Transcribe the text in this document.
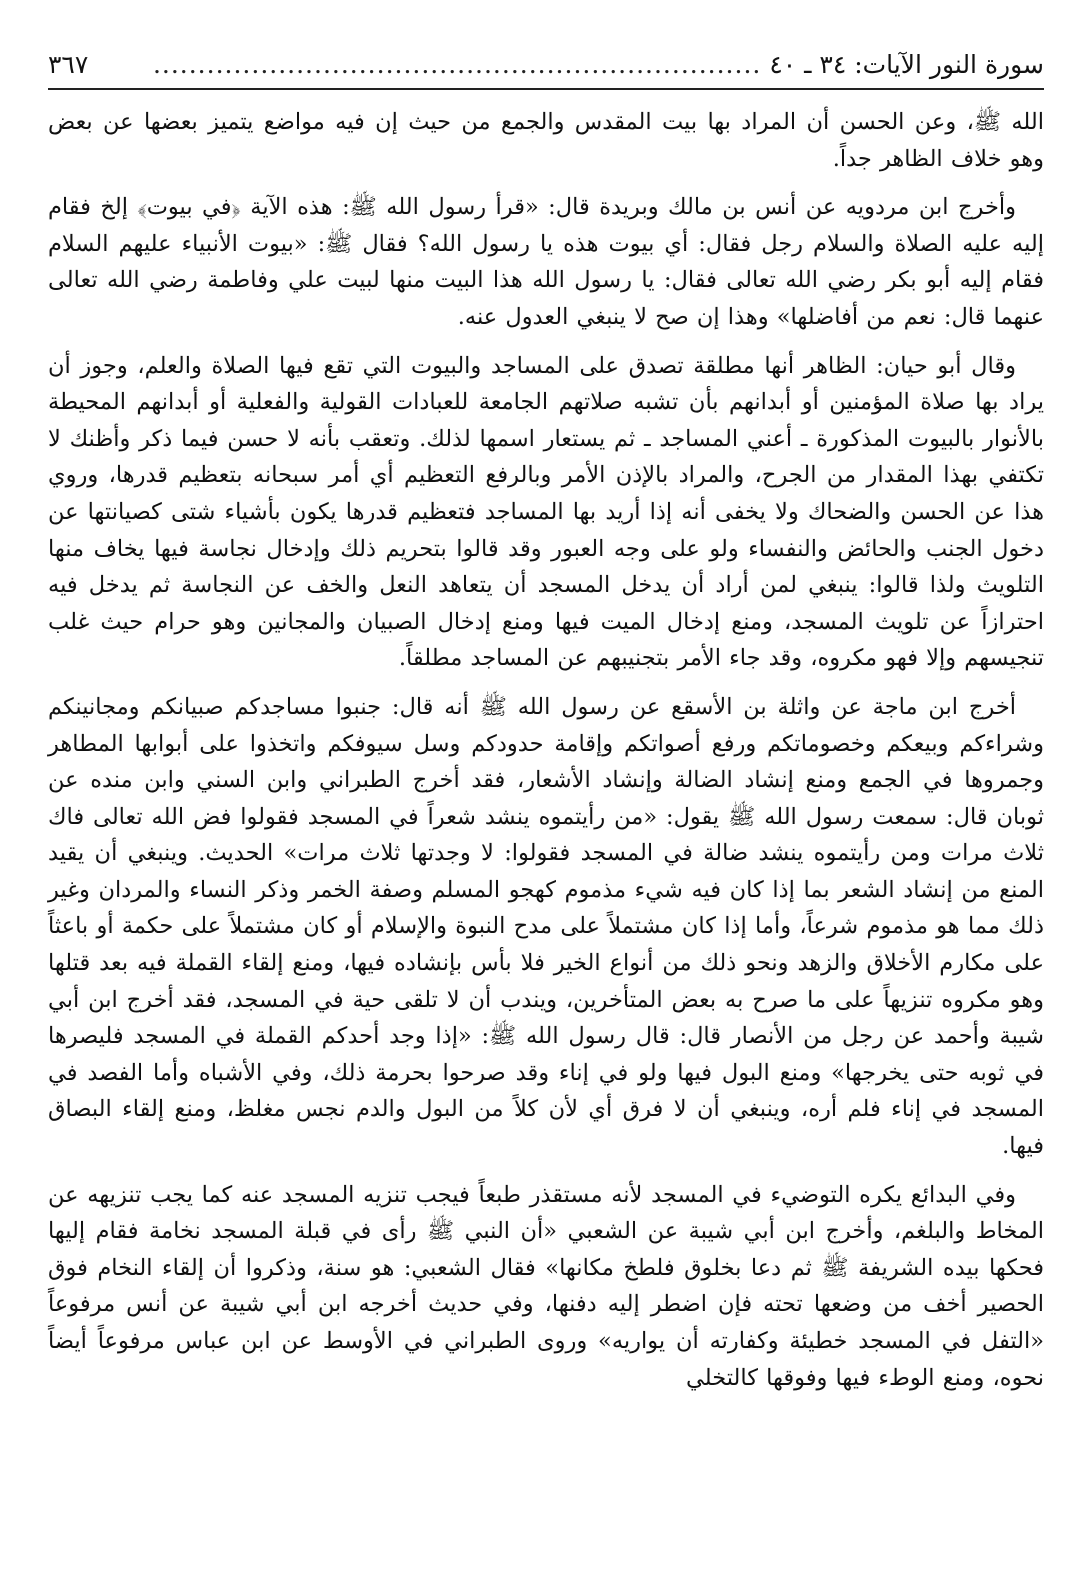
سورة النور الآيات: ٣٤ ـ ٤٠
....................................................................
٣٦٧

الله ﷺ، وعن الحسن أن المراد بها بيت المقدس والجمع من حيث إن فيه مواضع يتميز بعضها عن بعض وهو خلاف الظاهر جداً.

وأخرج ابن مردويه عن أنس بن مالك وبريدة قال: «قرأ رسول الله ﷺ: هذه الآية ﴿في بيوت﴾ إلخ فقام إليه عليه الصلاة والسلام رجل فقال: أي بيوت هذه يا رسول الله؟ فقال ﷺ: «بيوت الأنبياء عليهم السلام فقام إليه أبو بكر رضي الله تعالى فقال: يا رسول الله هذا البيت منها لبيت علي وفاطمة رضي الله تعالى عنهما قال: نعم من أفاضلها» وهذا إن صح لا ينبغي العدول عنه.

وقال أبو حيان: الظاهر أنها مطلقة تصدق على المساجد والبيوت التي تقع فيها الصلاة والعلم، وجوز أن يراد بها صلاة المؤمنين أو أبدانهم بأن تشبه صلاتهم الجامعة للعبادات القولية والفعلية أو أبدانهم المحيطة بالأنوار بالبيوت المذكورة ـ أعني المساجد ـ ثم يستعار اسمها لذلك. وتعقب بأنه لا حسن فيما ذكر وأظنك لا تكتفي بهذا المقدار من الجرح، والمراد بالإذن الأمر وبالرفع التعظيم أي أمر سبحانه بتعظيم قدرها، وروي هذا عن الحسن والضحاك ولا يخفى أنه إذا أريد بها المساجد فتعظيم قدرها يكون بأشياء شتى كصيانتها عن دخول الجنب والحائض والنفساء ولو على وجه العبور وقد قالوا بتحريم ذلك وإدخال نجاسة فيها يخاف منها التلويث ولذا قالوا: ينبغي لمن أراد أن يدخل المسجد أن يتعاهد النعل والخف عن النجاسة ثم يدخل فيه احترازاً عن تلويث المسجد، ومنع إدخال الميت فيها ومنع إدخال الصبيان والمجانين وهو حرام حيث غلب تنجيسهم وإلا فهو مكروه، وقد جاء الأمر بتجنيبهم عن المساجد مطلقاً.

أخرج ابن ماجة عن واثلة بن الأسقع عن رسول الله ﷺ أنه قال: جنبوا مساجدكم صبيانكم ومجانينكم وشراءكم وبيعكم وخصوماتكم ورفع أصواتكم وإقامة حدودكم وسل سيوفكم واتخذوا على أبوابها المطاهر وجمروها في الجمع ومنع إنشاد الضالة وإنشاد الأشعار، فقد أخرج الطبراني وابن السني وابن منده عن ثوبان قال: سمعت رسول الله ﷺ يقول: «من رأيتموه ينشد شعراً في المسجد فقولوا فض الله تعالى فاك ثلاث مرات ومن رأيتموه ينشد ضالة في المسجد فقولوا: لا وجدتها ثلاث مرات» الحديث. وينبغي أن يقيد المنع من إنشاد الشعر بما إذا كان فيه شيء مذموم كهجو المسلم وصفة الخمر وذكر النساء والمردان وغير ذلك مما هو مذموم شرعاً، وأما إذا كان مشتملاً على مدح النبوة والإسلام أو كان مشتملاً على حكمة أو باعثاً على مكارم الأخلاق والزهد ونحو ذلك من أنواع الخير فلا بأس بإنشاده فيها، ومنع إلقاء القملة فيه بعد قتلها وهو مكروه تنزيهاً على ما صرح به بعض المتأخرين، ويندب أن لا تلقى حية في المسجد، فقد أخرج ابن أبي شيبة وأحمد عن رجل من الأنصار قال: قال رسول الله ﷺ: «إذا وجد أحدكم القملة في المسجد فليصرها في ثوبه حتى يخرجها» ومنع البول فيها ولو في إناء وقد صرحوا بحرمة ذلك، وفي الأشباه وأما الفصد في المسجد في إناء فلم أره، وينبغي أن لا فرق أي لأن كلاً من البول والدم نجس مغلظ، ومنع إلقاء البصاق فيها.

وفي البدائع يكره التوضيء في المسجد لأنه مستقذر طبعاً فيجب تنزيه المسجد عنه كما يجب تنزيهه عن المخاط والبلغم، وأخرج ابن أبي شيبة عن الشعبي «أن النبي ﷺ رأى في قبلة المسجد نخامة فقام إليها فحكها بيده الشريفة ﷺ ثم دعا بخلوق فلطخ مكانها» فقال الشعبي: هو سنة، وذكروا أن إلقاء النخام فوق الحصير أخف من وضعها تحته فإن اضطر إليه دفنها، وفي حديث أخرجه ابن أبي شيبة عن أنس مرفوعاً «التفل في المسجد خطيئة وكفارته أن يواريه» وروى الطبراني في الأوسط عن ابن عباس مرفوعاً أيضاً نحوه، ومنع الوطء فيها وفوقها كالتخلي
